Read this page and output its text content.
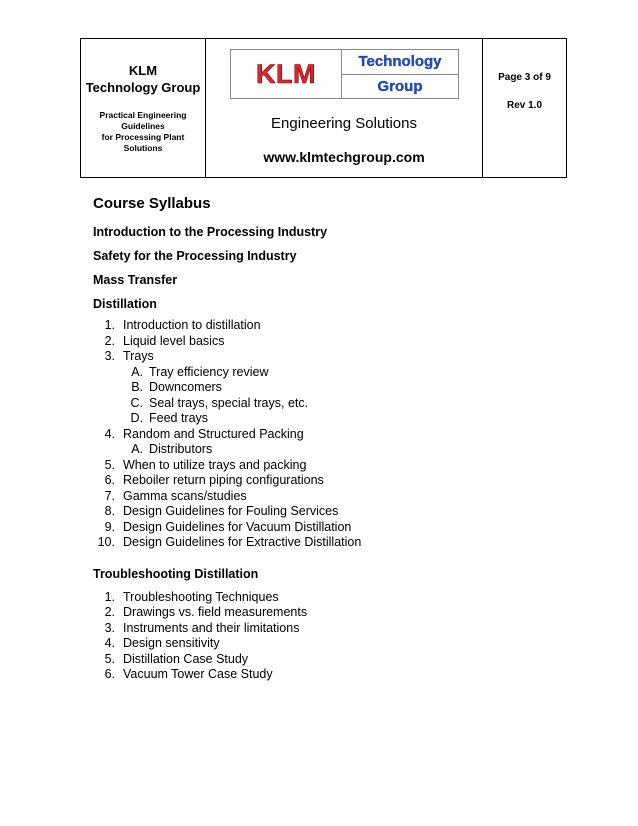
KLM
Technology Group
Practical Engineering
Guidelines
for Processing Plant
Solutions
KLM	Technology
Group
Engineering Solutions
www.klmtechgroup.com
Page 3 of 9
Rev 1.0
Course Syllabus
Introduction to the Processing Industry
Safety for the Processing Industry
Mass Transfer
Distillation
1. Introduction to distillation
2. Liquid level basics
3. Trays
A. Tray efficiency review
B. Downcomers
C. Seal trays, special trays, etc.
D. Feed trays
4. Random and Structured Packing
A. Distributors
5. When to utilize trays and packing
6. Reboiler return piping configurations
7. Gamma scans/studies
8. Design Guidelines for Fouling Services
9. Design Guidelines for Vacuum Distillation
10. Design Guidelines for Extractive Distillation
Troubleshooting Distillation
1. Troubleshooting Techniques
2. Drawings vs. field measurements
3. Instruments and their limitations
4. Design sensitivity
5. Distillation Case Study
6. Vacuum Tower Case Study
